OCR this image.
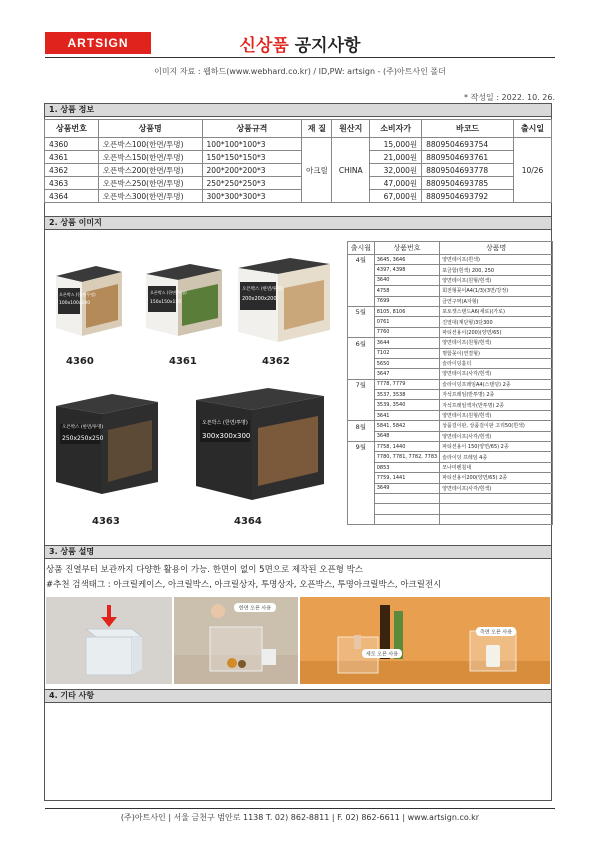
ARTSIGN	신상품 공지사항
이미지 자료 : 웹하드(www.webhard.co.kr) / ID,PW: artsign - (주)아트사인 폴더
* 작성일 : 2022. 10. 26.
1. 상품 정보
상품번호	상품명	상품규격	재 질	원산지	소비자가	바코드	출시일
4360	오픈박스100(한면/투명)	100*100*100*3	아크릴	CHINA	15,000원	8809504693754	10/26
4361	오픈박스150(한면/투명)	150*150*150*3			21,000원	8809504693761	
4362	오픈박스200(한면/투명)	200*200*200*3			32,000원	8809504693778	
4363	오픈박스250(한면/투명)	250*250*250*3			47,000원	8809504693785	
4364	오픈박스300(한면/투명)	300*300*300*3			67,000원	8809504693792	
2. 상품 이미지
오픈박스 (한면/투명)
100x100x100
4360
오픈박스 (한면/투명)
150x150x150
4361
오픈박스 (한면/투명)
200x200x200
4362
오픈박스 (한면/투명)
250x250x250
4363
오픈박스 (한면/투명)
300x300x300
4364
출시월	상품번호	상품명
4월	3645, 3646	양면테이프(흰색)
	4397, 4398	포금함(흰색) 200, 250
	3640	양면테이프(원형/흰색)
	4758	회전형꽂이A4(1/3)(3면/강정)
	7699	금연구역(A자형)
5월	8105, 8106	포토캣스탠드A6(세로)(가로)
	0761	진열대(계단형)3단300
	7760	파티션용이(200)(양면/65)
6월	3644	양면테이프(원형/흰색)
	7102	명함꽂이(연결형)
	5650	슬라이딩홀더
	3647	양면테이프(사각/흰색)
7월	7778, 7779	슬라이딩프레임A4(스탠딩) 2종
	3537, 3538	자석프레임(반투명) 2종
	3539, 3540	자석프레임액자(반투명) 2종
	3641	양면테이프(원형/흰색)
8월	5841, 5842	상품걸이판, 상품걸이판 고리50(흰색)
	3648	양면테이프(사각/흰색)
9월	7758, 1440	파티션용이 150(양면/65) 2종
	7780, 7781, 7782, 7783	슬라이딩 프레임 4종
	0853	모나미펜칠대
	7759, 1441	파티션용이200(양면/65) 2종
	3649	양면테이프(사각/흰색)

3. 상품 설명
상품 진열부터 보관까지 다양한 활용이 가능. 한면이 없이 5면으로 제작된 오픈형 박스
#추천 검색태그 : 아크릴케이스, 아크릴박스, 아크릴상자, 투명상자, 오픈박스, 투명아크릴박스, 아크릴전시
한면 오픈 사용
세로 오픈 사용
측면 오픈 사용
4. 기타 사항
(주)아트사인 | 서울 금천구 범안로 1138 T. 02) 862-8811 | F. 02) 862-6611 | www.artsign.co.kr
